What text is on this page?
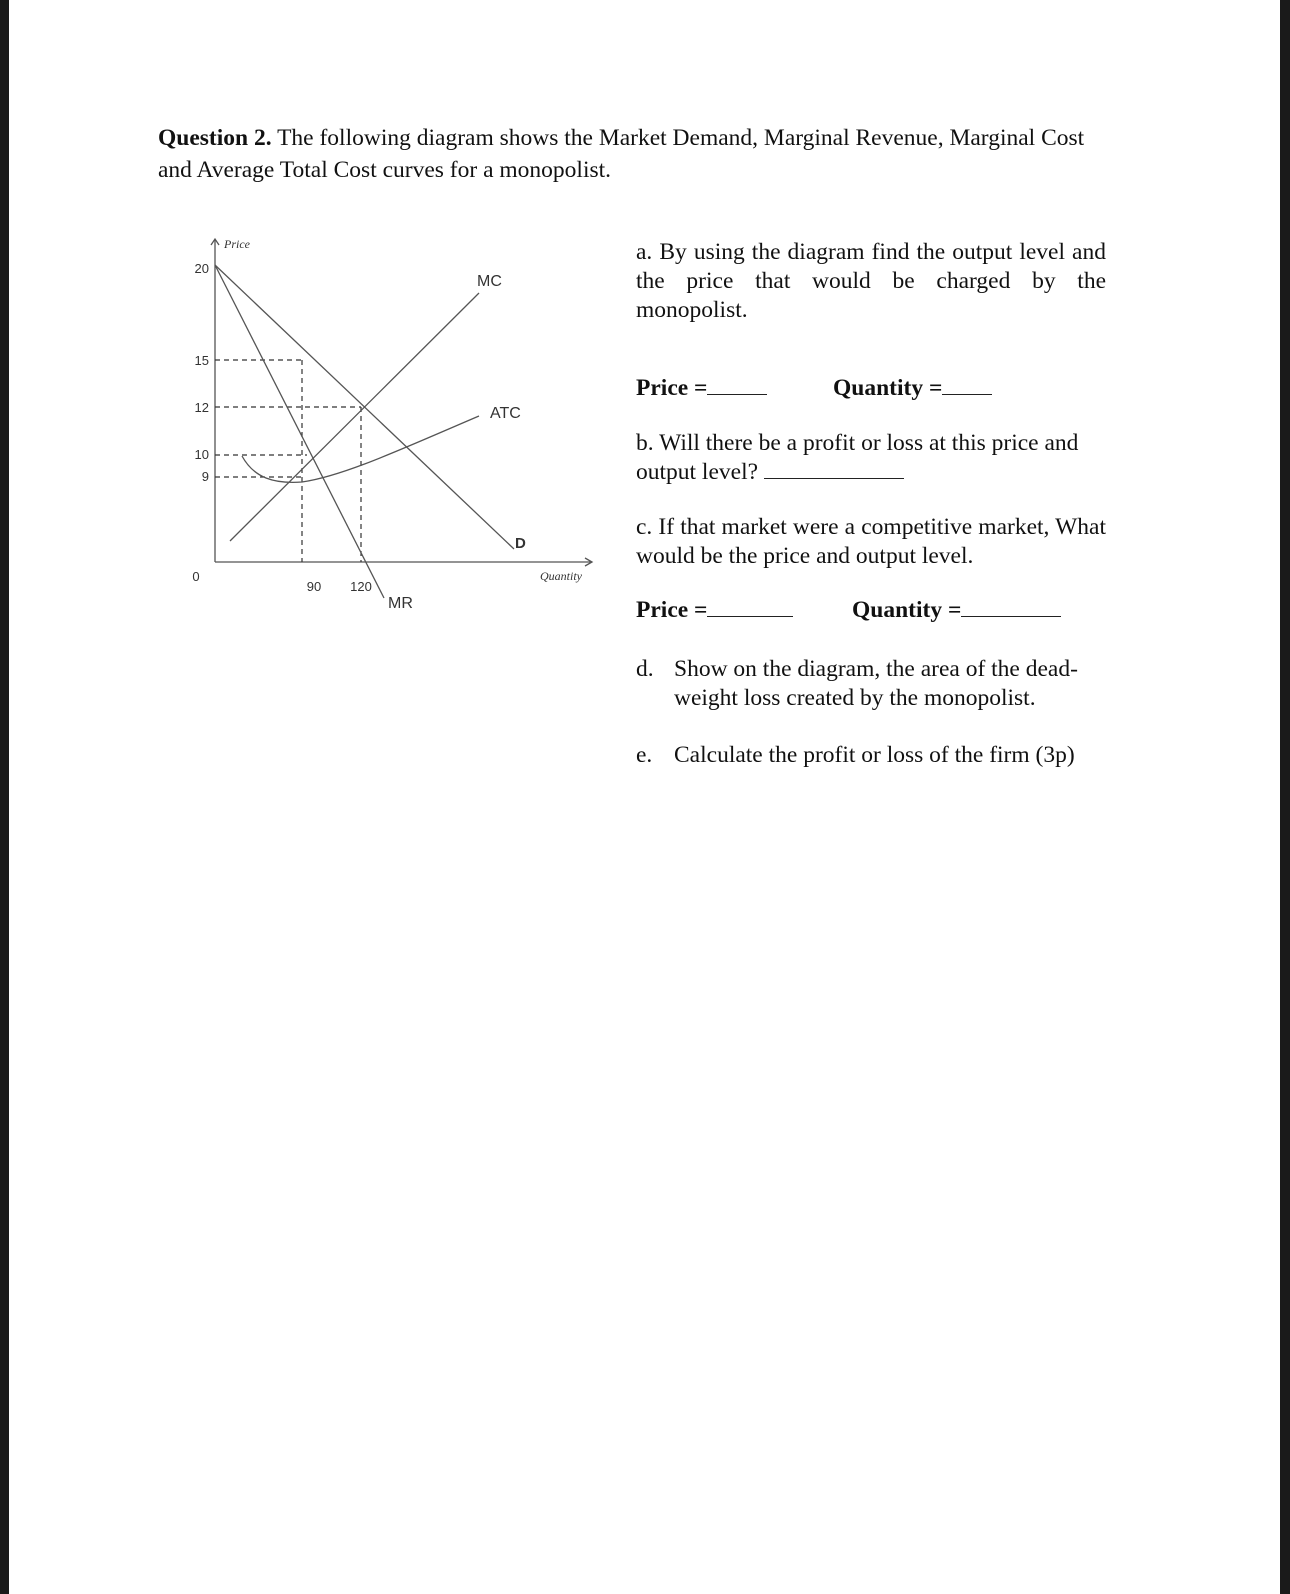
Question 2. The following diagram shows the Market Demand, Marginal Revenue, Marginal Cost and Average Total Cost curves for a monopolist.
20
15
12
10
9
0
90 120
Price
Quantity
MC
ATC
D
MR
a. By using the diagram find the output level and the price that would be charged by the monopolist.
Price =	Quantity =
b. Will there be a profit or loss at this price and output level?
c. If that market were a competitive market, What would be the price and output level.
Price =	Quantity =
d. Show on the diagram, the area of the dead-weight loss created by the monopolist.
e. Calculate the profit or loss of the firm (3p)
